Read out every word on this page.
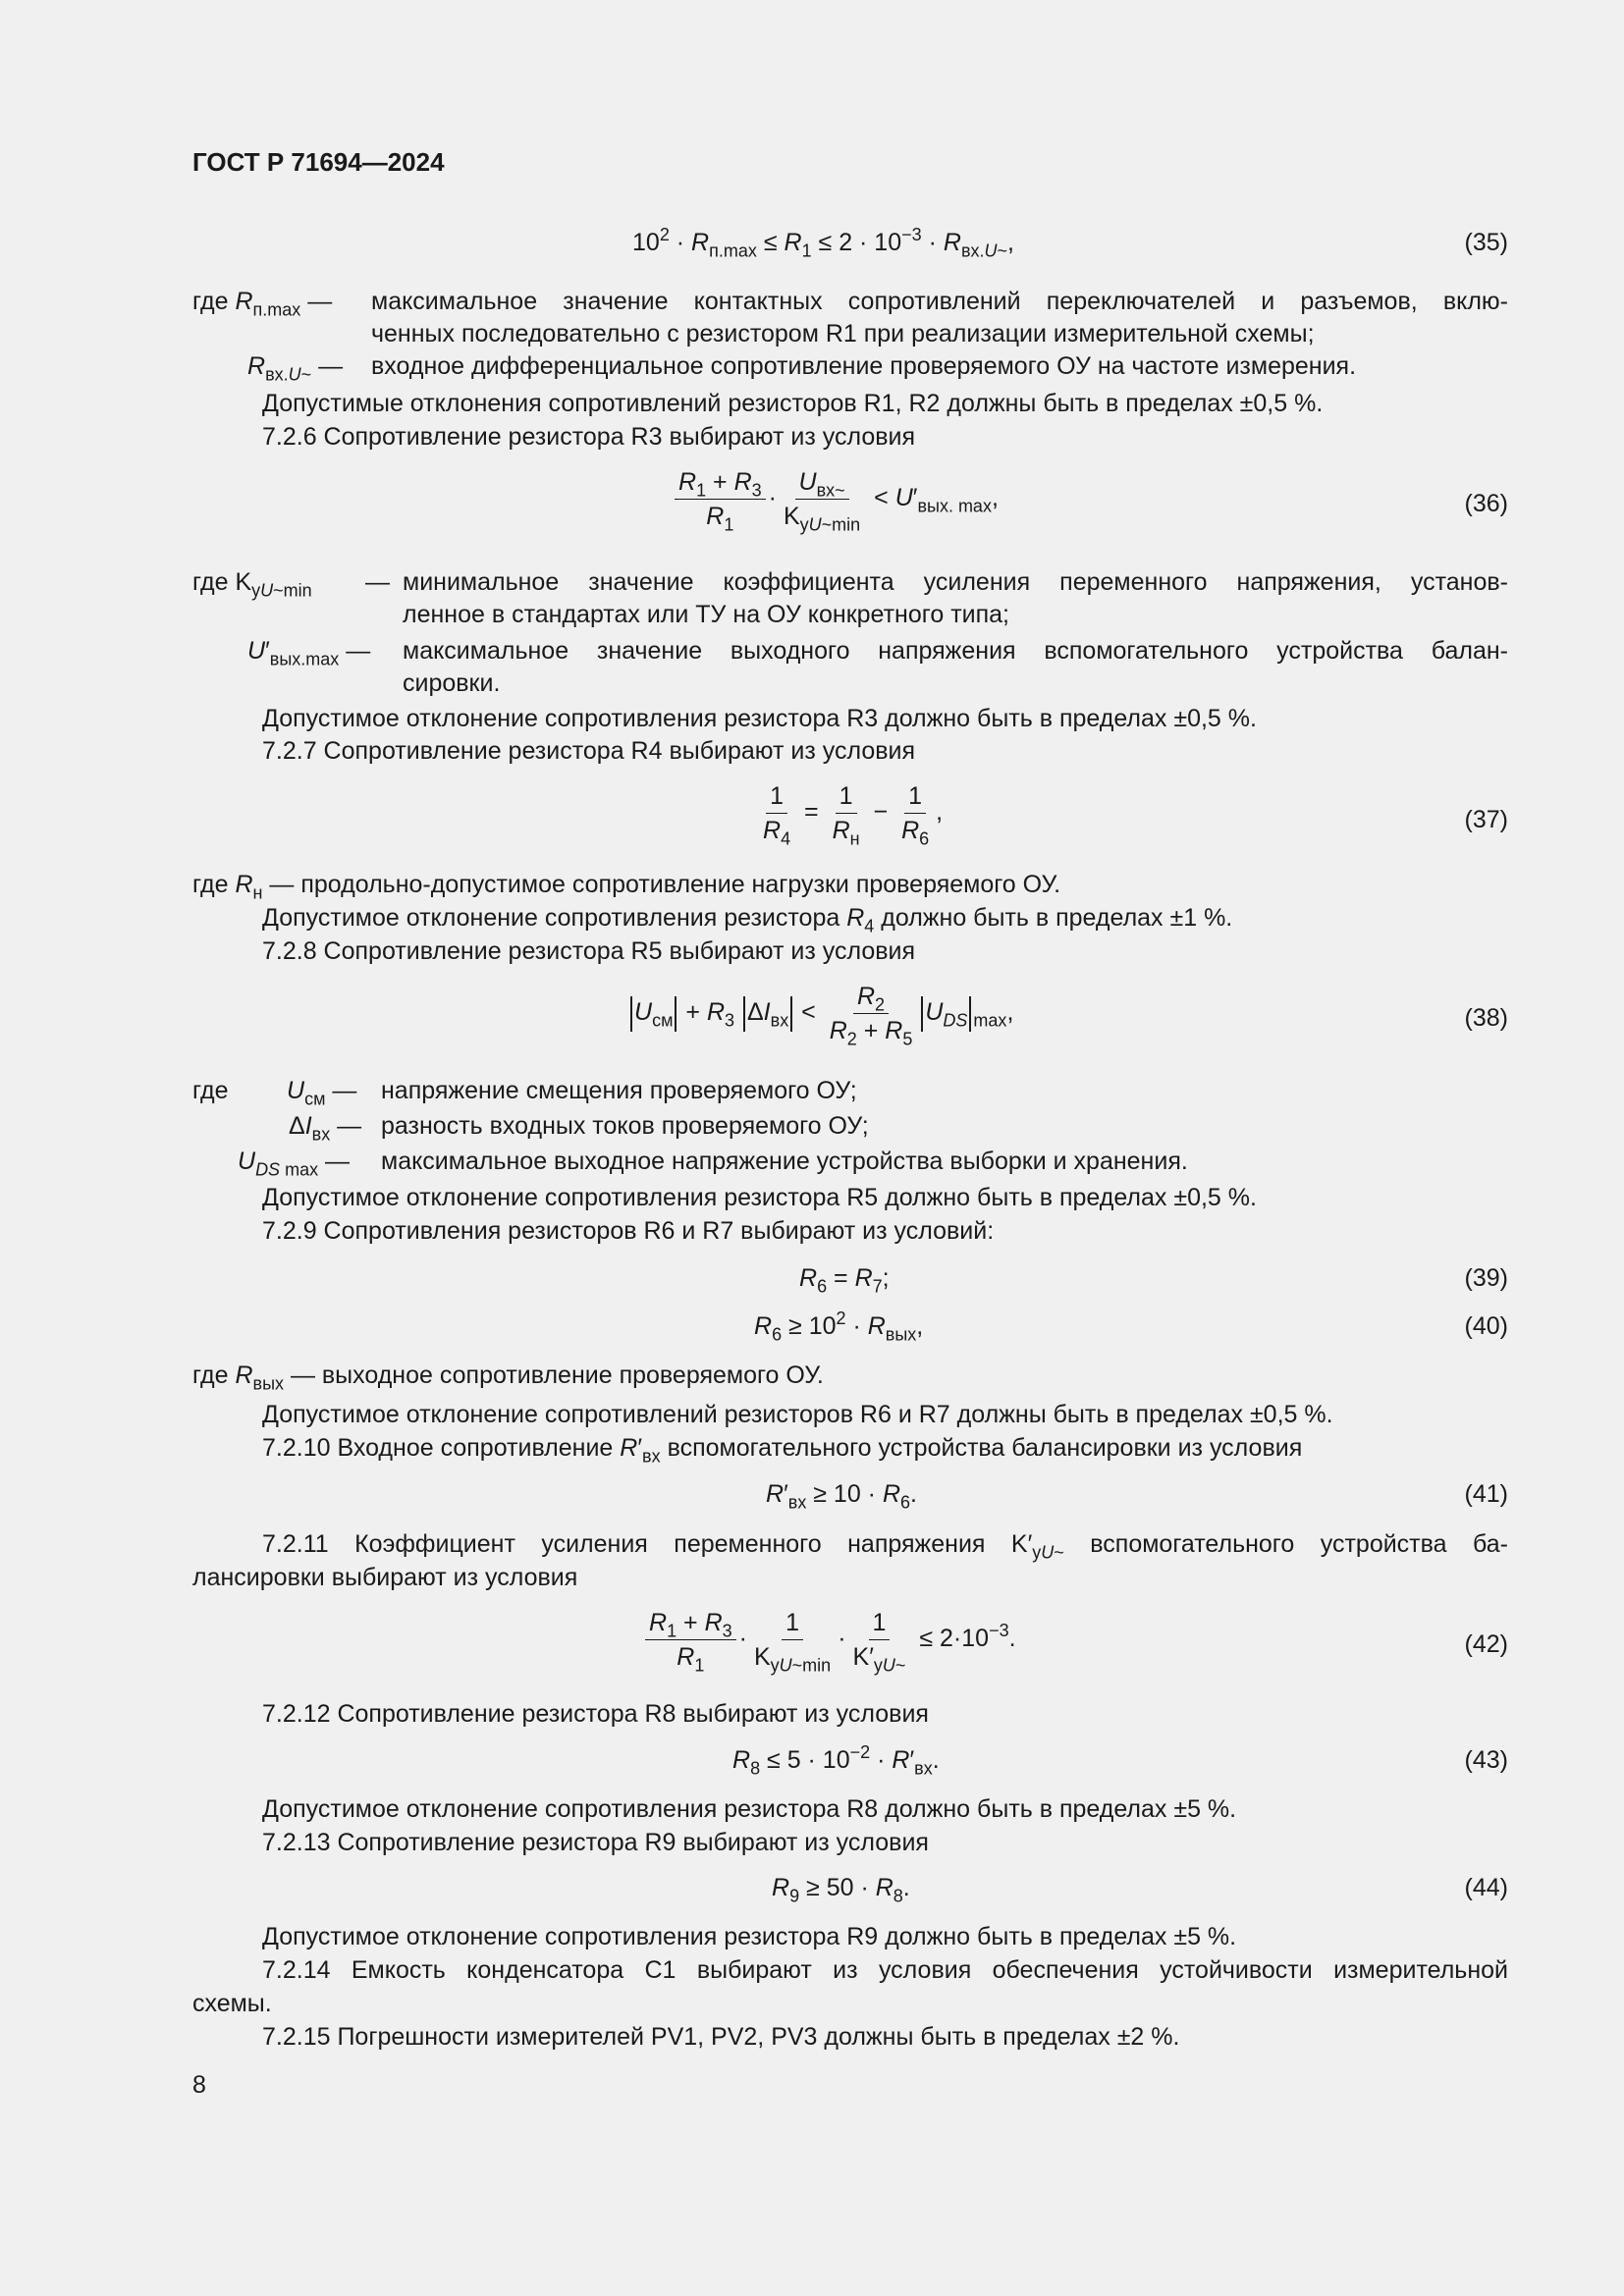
ГОСТ Р 71694—2024
$10^2 \cdot R_{п.max} \le R_1 \le 2 \cdot 10^{-3} \cdot R_{вх.U\sim}$,	(35)
где $R_{п.max}$ — максимальное значение контактных сопротивлений переключателей и разъемов, вклю-
ченных последовательно с резистором R1 при реализации измерительной схемы;
$R_{вх.U\sim}$ — входное дифференциальное сопротивление проверяемого ОУ на частоте измерения.
Допустимые отклонения сопротивлений резисторов R1, R2 должны быть в пределах ±0,5 %.
7.2.6 Сопротивление резистора R3 выбирают из условия
$\frac{R_1 + R_3}{R_1} \cdot \frac{U_{вх\sim}}{K_{yU\sim min}} < U'_{вых. max}$,	(36)
где $K_{yU\sim min}$ — минимальное значение коэффициента усиления переменного напряжения, установ-
ленное в стандартах или ТУ на ОУ конкретного типа;
$U'_{вых.max}$ — максимальное значение выходного напряжения вспомогательного устройства балан-
сировки.
Допустимое отклонение сопротивления резистора R3 должно быть в пределах ±0,5 %.
7.2.7 Сопротивление резистора R4 выбирают из условия
$\frac{1}{R_4} = \frac{1}{R_н} - \frac{1}{R_6}$ ,	(37)
где $R_н$ — продольно-допустимое сопротивление нагрузки проверяемого ОУ.
Допустимое отклонение сопротивления резистора $R_4$ должно быть в пределах ±1 %.
7.2.8 Сопротивление резистора R5 выбирают из условия
$U_{см} + R_3$ $\Delta I_{вх} < \frac{R_2}{R_2 + R_5} U_{DS}$ $_{max}$,	(38)
где $U_{см}$ — напряжение смещения проверяемого ОУ;
$\Delta I_{вх}$ — разность входных токов проверяемого ОУ;
$U_{DS max}$ — максимальное выходное напряжение устройства выборки и хранения.
Допустимое отклонение сопротивления резистора R5 должно быть в пределах ±0,5 %.
7.2.9 Сопротивления резисторов R6 и R7 выбирают из условий:
$R_6 = R_7$;	(39)
$R_6 \ge 10^2 \cdot R_{вых}$,	(40)
где $R_{вых}$ — выходное сопротивление проверяемого ОУ.
Допустимое отклонение сопротивлений резисторов R6 и R7 должны быть в пределах ±0,5 %.
7.2.10 Входное сопротивление $R'_{вх}$ вспомогательного устройства балансировки из условия
$R'_{вх} \ge 10 \cdot R_6$.	(41)
7.2.11 Коэффициент усиления переменного напряжения $K'_{yU\sim}$ вспомогательного устройства ба-
лансировки выбирают из условия
$\frac{R_1 + R_3}{R_1} \cdot \frac{1}{K_{yU\sim min}} \cdot \frac{1}{K'_{yU\sim}} \le 2\cdot 10^{-3}$.	(42)
7.2.12 Сопротивление резистора R8 выбирают из условия
$R_8 \le 5 \cdot 10^{-2} \cdot R'_{вх}$.	(43)
Допустимое отклонение сопротивления резистора R8 должно быть в пределах ±5 %.
7.2.13 Сопротивление резистора R9 выбирают из условия
$R_9 \ge 50 \cdot R_8$.	(44)
Допустимое отклонение сопротивления резистора R9 должно быть в пределах ±5 %.
7.2.14 Емкость конденсатора С1 выбирают из условия обеспечения устойчивости измерительной
схемы.
7.2.15 Погрешности измерителей PV1, PV2, PV3 должны быть в пределах ±2 %.
8
